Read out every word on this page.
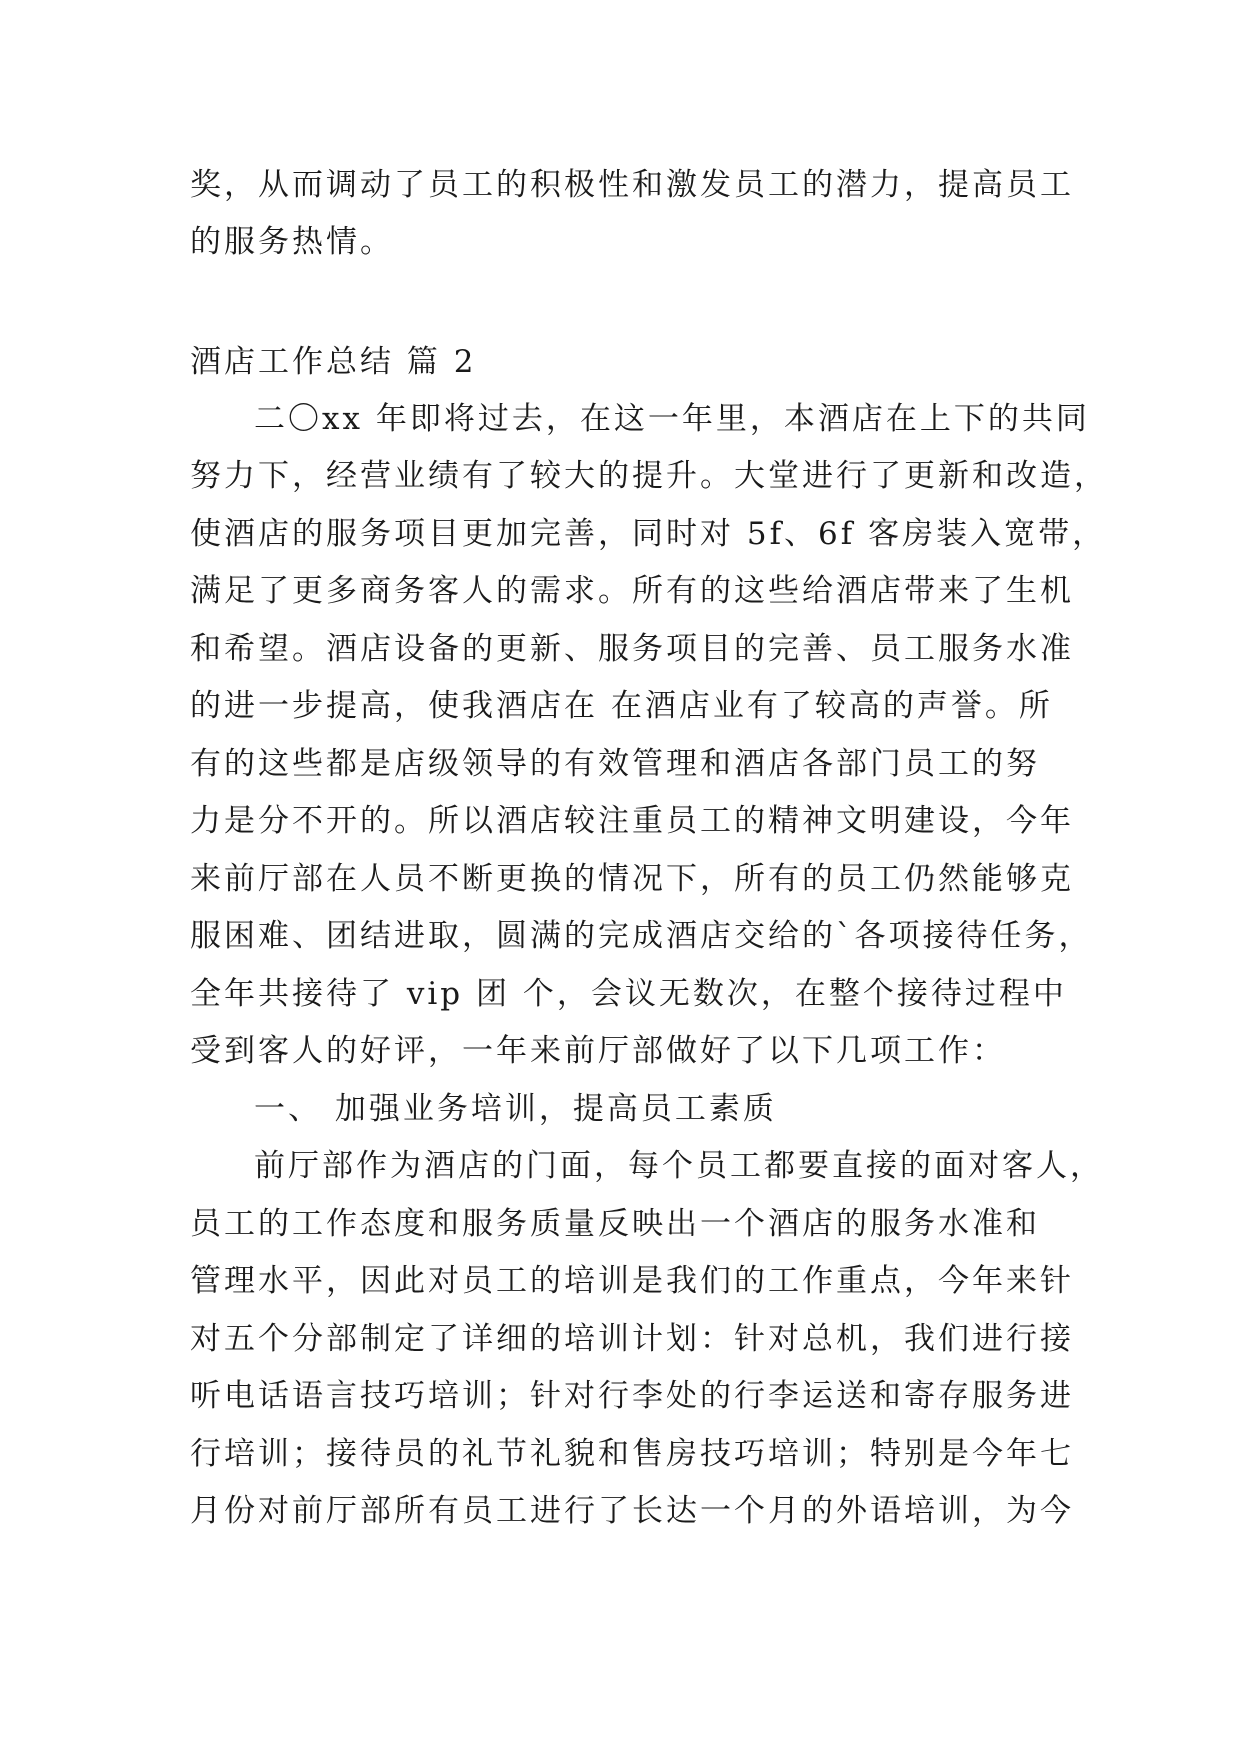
奖，从而调动了员工的积极性和激发员工的潜力，提高员工
的服务热情。
酒店工作总结 篇 2
二〇xx 年即将过去，在这一年里，本酒店在上下的共同
努力下，经营业绩有了较大的提升。大堂进行了更新和改造，
使酒店的服务项目更加完善，同时对 5f、6f 客房装入宽带，
满足了更多商务客人的需求。所有的这些给酒店带来了生机
和希望。酒店设备的更新、服务项目的完善、员工服务水准
的进一步提高，使我酒店在 在酒店业有了较高的声誉。所
有的这些都是店级领导的有效管理和酒店各部门员工的努
力是分不开的。所以酒店较注重员工的精神文明建设，今年
来前厅部在人员不断更换的情况下，所有的员工仍然能够克
服困难、团结进取，圆满的完成酒店交给的`各项接待任务，
全年共接待了 vip 团 个，会议无数次，在整个接待过程中
受到客人的好评，一年来前厅部做好了以下几项工作：
一、 加强业务培训，提高员工素质
前厅部作为酒店的门面，每个员工都要直接的面对客人，
员工的工作态度和服务质量反映出一个酒店的服务水准和
管理水平，因此对员工的培训是我们的工作重点，今年来针
对五个分部制定了详细的培训计划：针对总机，我们进行接
听电话语言技巧培训；针对行李处的行李运送和寄存服务进
行培训；接待员的礼节礼貌和售房技巧培训；特别是今年七
月份对前厅部所有员工进行了长达一个月的外语培训，为今
